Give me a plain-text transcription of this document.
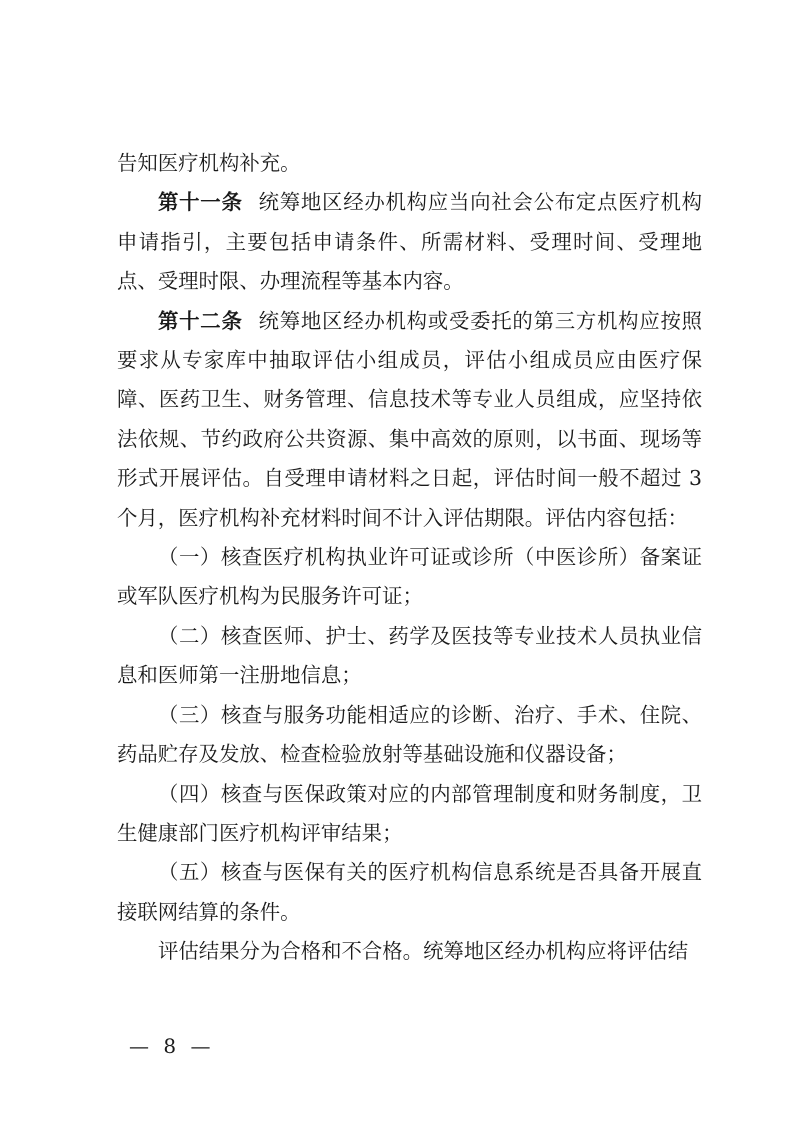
告知医疗机构补充。

第十一条 统筹地区经办机构应当向社会公布定点医疗机构申请指引，主要包括申请条件、所需材料、受理时间、受理地点、受理时限、办理流程等基本内容。

第十二条 统筹地区经办机构或受委托的第三方机构应按照要求从专家库中抽取评估小组成员，评估小组成员应由医疗保障、医药卫生、财务管理、信息技术等专业人员组成，应坚持依法依规、节约政府公共资源、集中高效的原则，以书面、现场等形式开展评估。自受理申请材料之日起，评估时间一般不超过 3 个月，医疗机构补充材料时间不计入评估期限。评估内容包括：

（一）核查医疗机构执业许可证或诊所（中医诊所）备案证或军队医疗机构为民服务许可证；

（二）核查医师、护士、药学及医技等专业技术人员执业信息和医师第一注册地信息；

（三）核查与服务功能相适应的诊断、治疗、手术、住院、药品贮存及发放、检查检验放射等基础设施和仪器设备；

（四）核查与医保政策对应的内部管理制度和财务制度，卫生健康部门医疗机构评审结果；

（五）核查与医保有关的医疗机构信息系统是否具备开展直接联网结算的条件。

评估结果分为合格和不合格。统筹地区经办机构应将评估结

— 8 —
